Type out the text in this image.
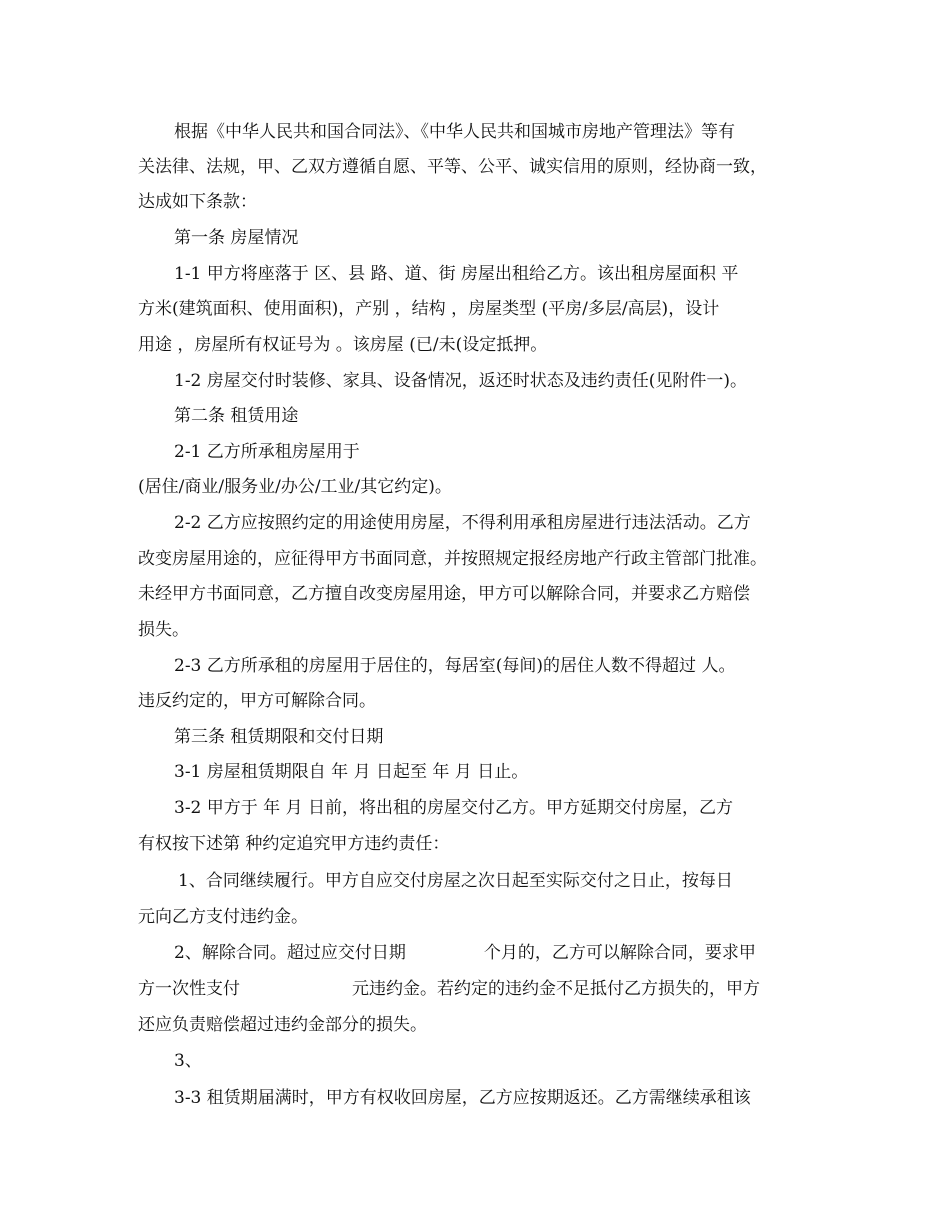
根据《中华人民共和国合同法》、《中华人民共和国城市房地产管理法》等有
关法律、法规，甲、乙双方遵循自愿、平等、公平、诚实信用的原则，经协商一致，
达成如下条款：
第一条 房屋情况
1-1 甲方将座落于 区、县 路、道、街 房屋出租给乙方。该出租房屋面积 平
方米(建筑面积、使用面积)，产别 ，结构 ，房屋类型 (平房/多层/高层)，设计
用途 ，房屋所有权证号为 。该房屋 (已/未(设定抵押。
1-2 房屋交付时装修、家具、设备情况，返还时状态及违约责任(见附件一)。
第二条 租赁用途
2-1 乙方所承租房屋用于
(居住/商业/服务业/办公/工业/其它约定)。
2-2 乙方应按照约定的用途使用房屋，不得利用承租房屋进行违法活动。乙方
改变房屋用途的，应征得甲方书面同意，并按照规定报经房地产行政主管部门批准。
未经甲方书面同意，乙方擅自改变房屋用途，甲方可以解除合同，并要求乙方赔偿
损失。
2-3 乙方所承租的房屋用于居住的，每居室(每间)的居住人数不得超过 人。
违反约定的，甲方可解除合同。
第三条 租赁期限和交付日期
3-1 房屋租赁期限自 年 月 日起至 年 月 日止。
3-2 甲方于 年 月 日前，将出租的房屋交付乙方。甲方延期交付房屋，乙方
有权按下述第 种约定追究甲方违约责任：
1、合同继续履行。甲方自应交付房屋之次日起至实际交付之日止，按每日
元向乙方支付违约金。
2、解除合同。超过应交付日期	个月的，乙方可以解除合同，要求甲
方一次性支付	元违约金。若约定的违约金不足抵付乙方损失的，甲方
还应负责赔偿超过违约金部分的损失。
3、
3-3 租赁期届满时，甲方有权收回房屋，乙方应按期返还。乙方需继续承租该
